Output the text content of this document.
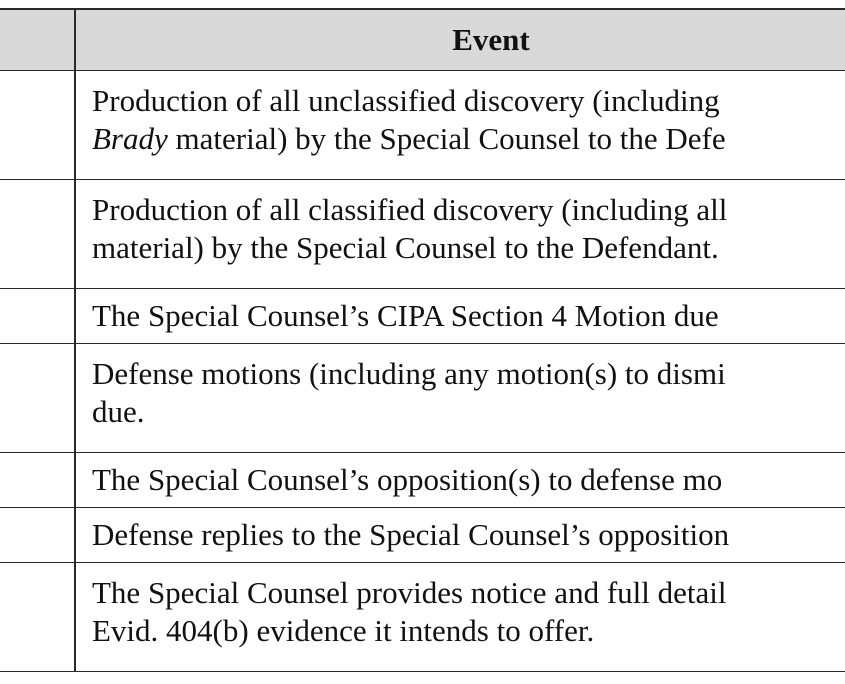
Event
Production of all unclassified discovery (including
Brady material) by the Special Counsel to the Defe
Production of all classified discovery (including all
material) by the Special Counsel to the Defendant.
The Special Counsel’s CIPA Section 4 Motion due
Defense motions (including any motion(s) to dismi
due.
The Special Counsel’s opposition(s) to defense mo
Defense replies to the Special Counsel’s opposition
The Special Counsel provides notice and full detail
Evid. 404(b) evidence it intends to offer.
